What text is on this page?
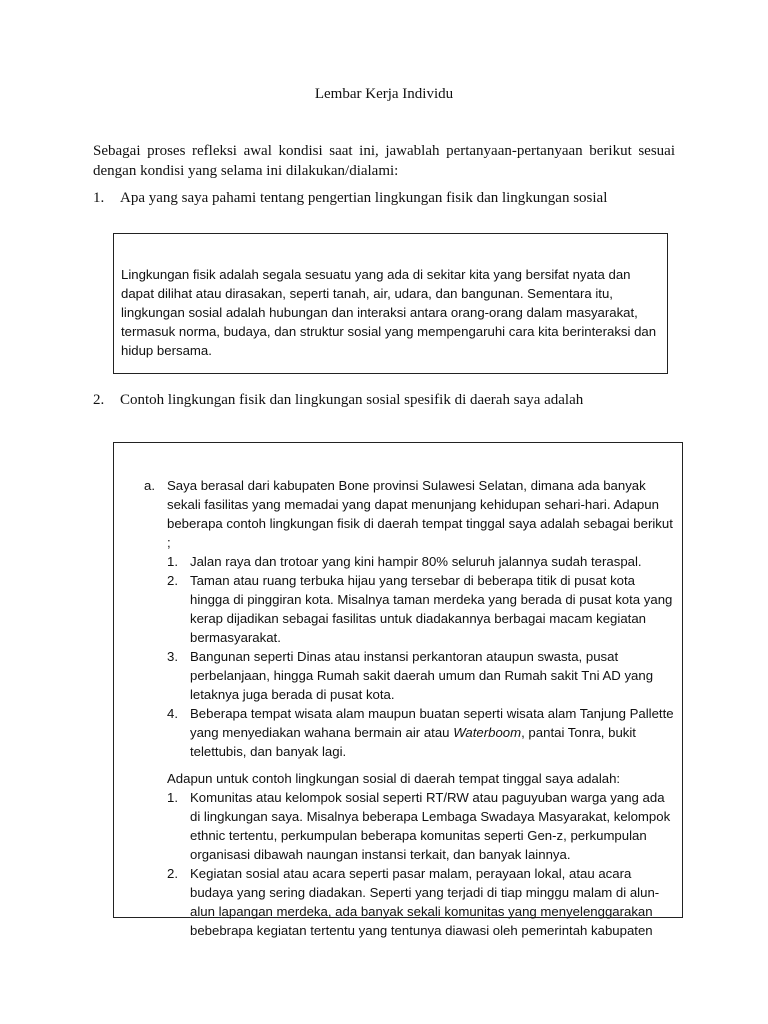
Lembar Kerja Individu
Sebagai proses refleksi awal kondisi saat ini, jawablah pertanyaan-pertanyaan berikut sesuai dengan kondisi yang selama ini dilakukan/dialami:
1. Apa yang saya pahami tentang pengertian lingkungan fisik dan lingkungan sosial
Lingkungan fisik adalah segala sesuatu yang ada di sekitar kita yang bersifat nyata dan dapat dilihat atau dirasakan, seperti tanah, air, udara, dan bangunan. Sementara itu, lingkungan sosial adalah hubungan dan interaksi antara orang-orang dalam masyarakat, termasuk norma, budaya, dan struktur sosial yang mempengaruhi cara kita berinteraksi dan hidup bersama.
2. Contoh lingkungan fisik dan lingkungan sosial spesifik di daerah saya adalah
a. Saya berasal dari kabupaten Bone provinsi Sulawesi Selatan, dimana ada banyak sekali fasilitas yang memadai yang dapat menunjang kehidupan sehari-hari. Adapun beberapa contoh lingkungan fisik di daerah tempat tinggal saya adalah sebagai berikut ;
1. Jalan raya dan trotoar yang kini hampir 80% seluruh jalannya sudah teraspal.
2. Taman atau ruang terbuka hijau yang tersebar di beberapa titik di pusat kota hingga di pinggiran kota. Misalnya taman merdeka yang berada di pusat kota yang kerap dijadikan sebagai fasilitas untuk diadakannya berbagai macam kegiatan bermasyarakat.
3. Bangunan seperti Dinas atau instansi perkantoran ataupun swasta, pusat perbelanjaan, hingga Rumah sakit daerah umum dan Rumah sakit Tni AD yang letaknya juga berada di pusat kota.
4. Beberapa tempat wisata alam maupun buatan seperti wisata alam Tanjung Pallette yang menyediakan wahana bermain air atau Waterboom, pantai Tonra, bukit telettubis, dan banyak lagi.
Adapun untuk contoh lingkungan sosial di daerah tempat tinggal saya adalah:
1. Komunitas atau kelompok sosial seperti RT/RW atau paguyuban warga yang ada di lingkungan saya. Misalnya beberapa Lembaga Swadaya Masyarakat, kelompok ethnic tertentu, perkumpulan beberapa komunitas seperti Gen-z, perkumpulan organisasi dibawah naungan instansi terkait, dan banyak lainnya.
2. Kegiatan sosial atau acara seperti pasar malam, perayaan lokal, atau acara budaya yang sering diadakan. Seperti yang terjadi di tiap minggu malam di alun-alun lapangan merdeka, ada banyak sekali komunitas yang menyelenggarakan bebebrapa kegiatan tertentu yang tentunya diawasi oleh pemerintah kabupaten
